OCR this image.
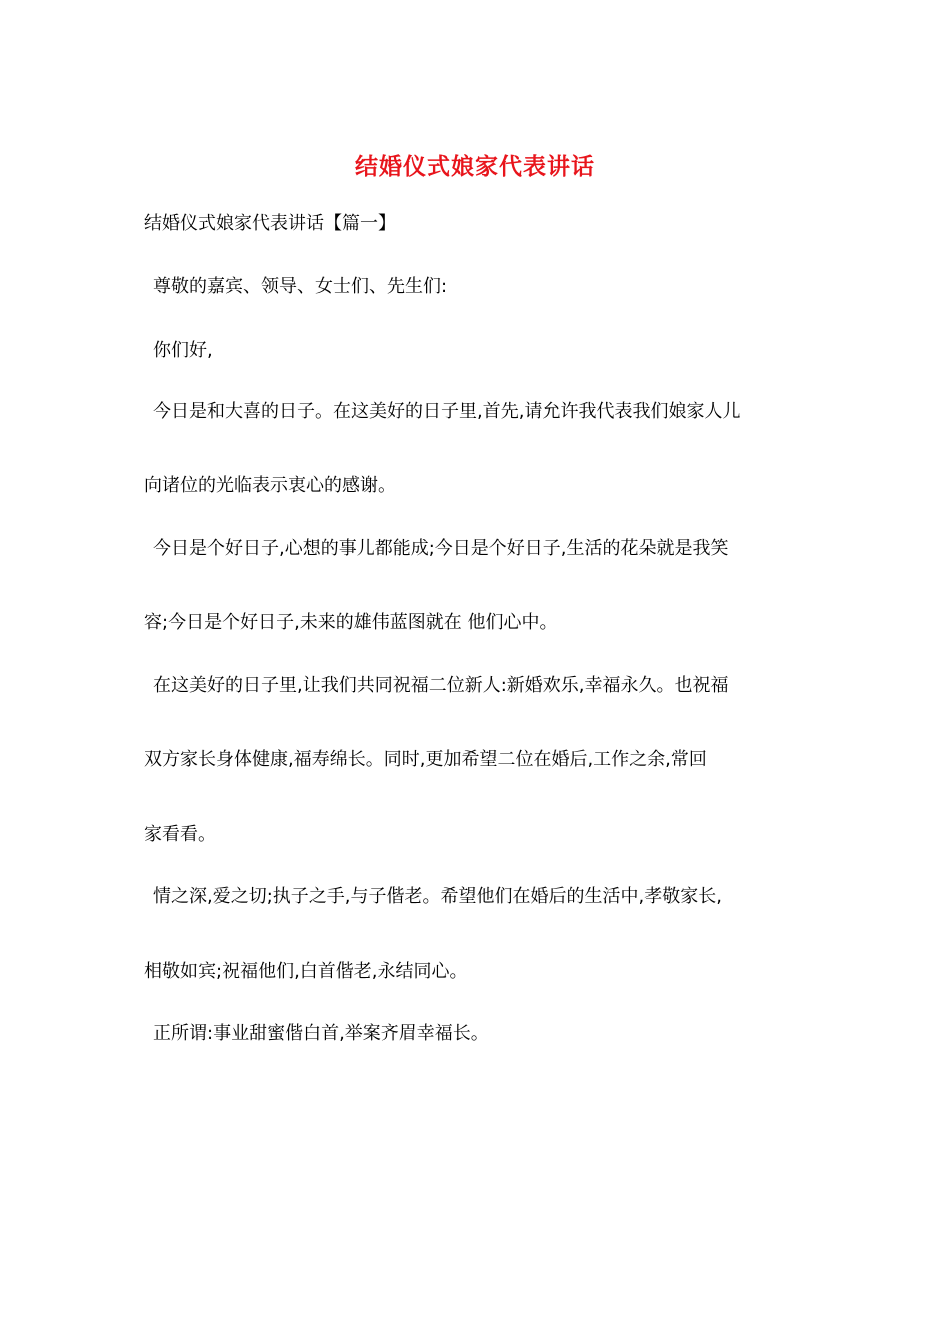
结婚仪式娘家代表讲话
结婚仪式娘家代表讲话【篇一】
尊敬的嘉宾、领导、女士们、先生们:
你们好,
今日是和大喜的日子。在这美好的日子里,首先,请允许我代表我们娘家人儿
向诸位的光临表示衷心的感谢。
今日是个好日子,心想的事儿都能成;今日是个好日子,生活的花朵就是我笑
容;今日是个好日子,未来的雄伟蓝图就在 他们心中。
在这美好的日子里,让我们共同祝福二位新人:新婚欢乐,幸福永久。也祝福
双方家长身体健康,福寿绵长。同时,更加希望二位在婚后,工作之余,常回
家看看。
情之深,爱之切;执子之手,与子偕老。希望他们在婚后的生活中,孝敬家长,
相敬如宾;祝福他们,白首偕老,永结同心。
正所谓:事业甜蜜偕白首,举案齐眉幸福长。
